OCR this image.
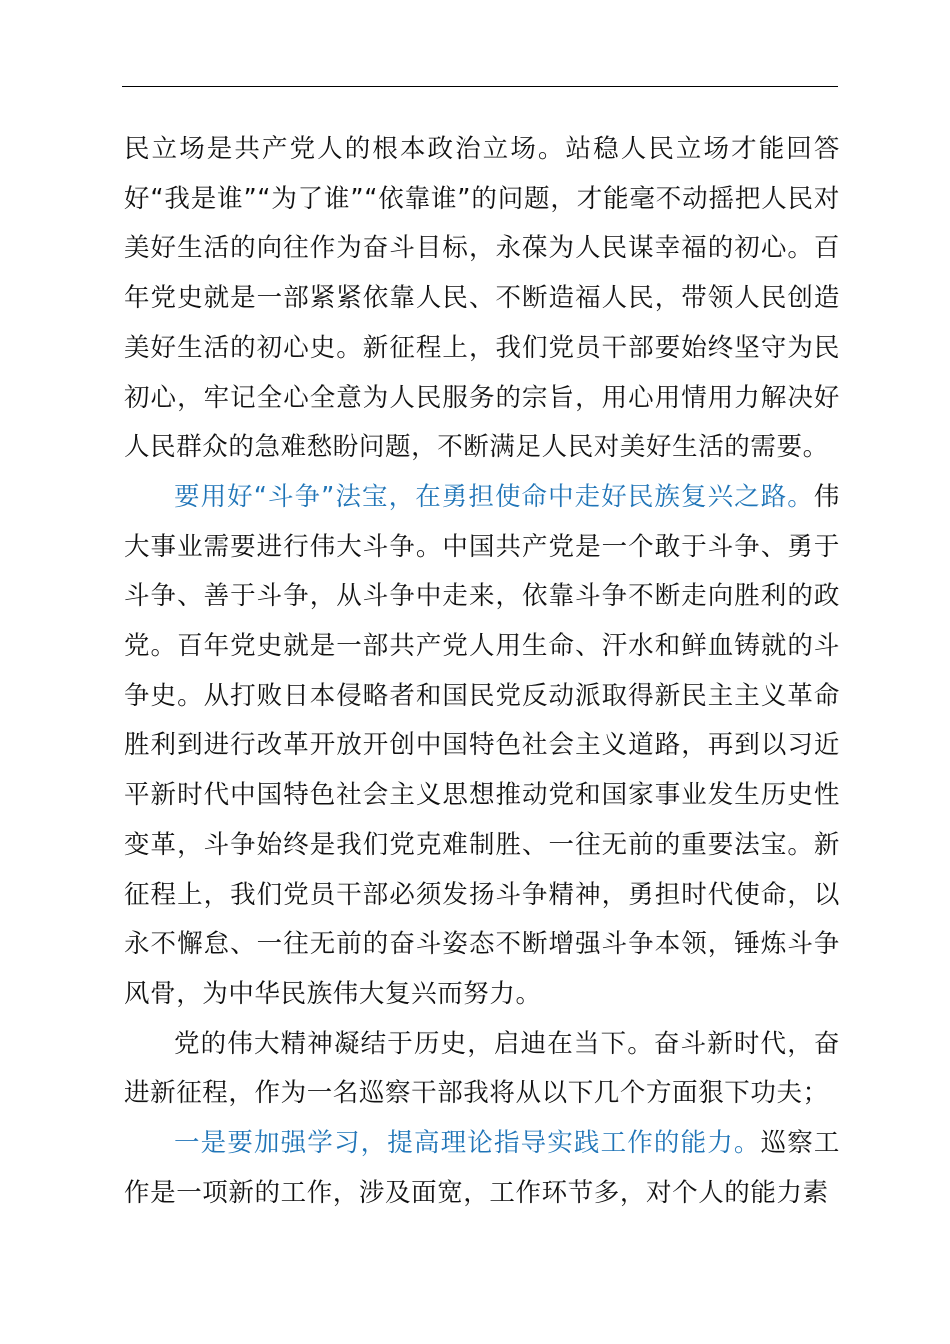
民立场是共产党人的根本政治立场。站稳人民立场才能回答好“我是谁”“为了谁”“依靠谁”的问题，才能毫不动摇把人民对美好生活的向往作为奋斗目标，永葆为人民谋幸福的初心。百年党史就是一部紧紧依靠人民、不断造福人民，带领人民创造美好生活的初心史。新征程上，我们党员干部要始终坚守为民初心，牢记全心全意为人民服务的宗旨，用心用情用力解决好人民群众的急难愁盼问题，不断满足人民对美好生活的需要。

要用好“斗争”法宝，在勇担使命中走好民族复兴之路。伟大事业需要进行伟大斗争。中国共产党是一个敢于斗争、勇于斗争、善于斗争，从斗争中走来，依靠斗争不断走向胜利的政党。百年党史就是一部共产党人用生命、汗水和鲜血铸就的斗争史。从打败日本侵略者和国民党反动派取得新民主主义革命胜利到进行改革开放开创中国特色社会主义道路，再到以习近平新时代中国特色社会主义思想推动党和国家事业发生历史性变革，斗争始终是我们党克难制胜、一往无前的重要法宝。新征程上，我们党员干部必须发扬斗争精神，勇担时代使命，以永不懈怠、一往无前的奋斗姿态不断增强斗争本领，锤炼斗争风骨，为中华民族伟大复兴而努力。

党的伟大精神凝结于历史，启迪在当下。奋斗新时代，奋进新征程，作为一名巡察干部我将从以下几个方面狠下功夫；

一是要加强学习，提高理论指导实践工作的能力。巡察工作是一项新的工作，涉及面宽，工作环节多，对个人的能力素
